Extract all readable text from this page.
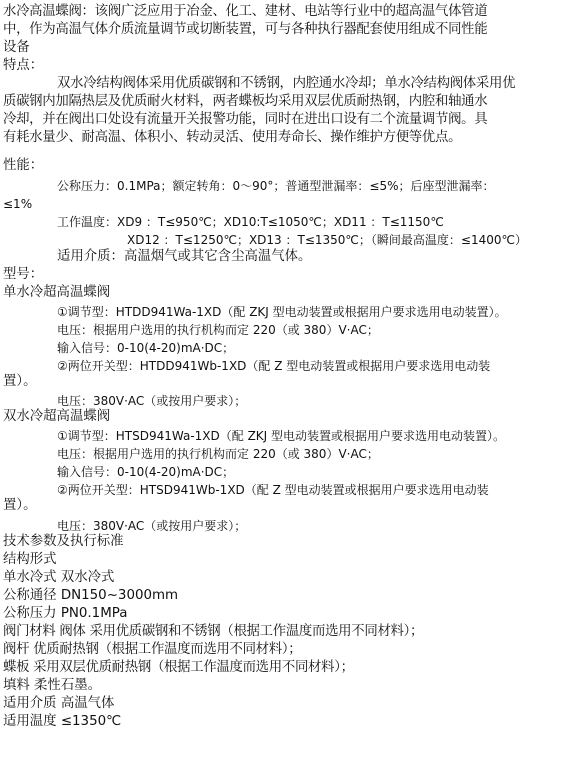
水冷高温蝶阀：该阀广泛应用于冶金、化工、建材、电站等行业中的超高温气体管道
中，作为高温气体介质流量调节或切断装置，可与各种执行器配套使用组成不同性能
设备
特点：
双水冷结构阀体采用优质碳钢和不锈钢，内腔通水冷却；单水冷结构阀体采用优
质碳钢内加隔热层及优质耐火材料，两者蝶板均采用双层优质耐热钢，内腔和轴通水
冷却，并在阀出口处设有流量开关报警功能，同时在进出口设有二个流量调节阀。具
有耗水量少、耐高温、体积小、转动灵活、使用寿命长、操作维护方便等优点。
性能：
公称压力：0.1MPa；额定转角：0～90°；普通型泄漏率：≤5%；后座型泄漏率：
≤1%
工作温度：XD9 ：T≤950℃；XD10:T≤1050℃；XD11 ：T≤1150℃
XD12 ：T≤1250℃；XD13 ：T≤1350℃；（瞬间最高温度：≤1400℃）
适用介质：高温烟气或其它含尘高温气体。
型号：
单水冷超高温蝶阀
①调节型：HTDD941Wa-1XD（配 ZKJ 型电动装置或根据用户要求选用电动装置）。
电压：根据用户选用的执行机构而定 220（或 380）V·AC；
输入信号：0-10(4-20)mA·DC；
②两位开关型：HTDD941Wb-1XD（配 Z 型电动装置或根据用户要求选用电动装
置）。
电压：380V·AC（或按用户要求）；
双水冷超高温蝶阀
①调节型：HTSD941Wa-1XD（配 ZKJ 型电动装置或根据用户要求选用电动装置）。
电压：根据用户选用的执行机构而定 220（或 380）V·AC；
输入信号：0-10(4-20)mA·DC；
②两位开关型：HTSD941Wb-1XD（配 Z 型电动装置或根据用户要求选用电动装
置）。
电压：380V·AC（或按用户要求）；
技术参数及执行标准
结构形式
单水冷式 双水冷式
公称通径 DN150~3000mm
公称压力 PN0.1MPa
阀门材料 阀体 采用优质碳钢和不锈钢（根据工作温度而选用不同材料）；
阀杆 优质耐热钢（根据工作温度而选用不同材料）；
蝶板 采用双层优质耐热钢（根据工作温度而选用不同材料）；
填料 柔性石墨。
适用介质 高温气体
适用温度 ≤1350℃
